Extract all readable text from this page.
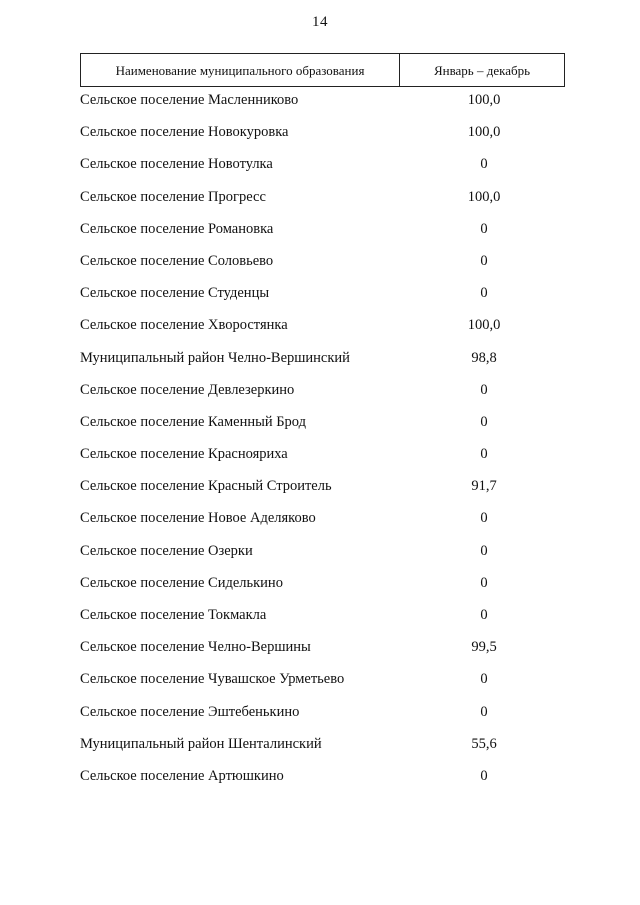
14
Наименование муниципального образования	Январь – декабрь
Сельское поселение Масленниково	100,0
Сельское поселение Новокуровка	100,0
Сельское поселение Новотулка	0
Сельское поселение Прогресс	100,0
Сельское поселение Романовка	0
Сельское поселение Соловьево	0
Сельское поселение Студенцы	0
Сельское поселение Хворостянка	100,0
Муниципальный район Челно-Вершинский	98,8
Сельское поселение Девлезеркино	0
Сельское поселение Каменный Брод	0
Сельское поселение Краснояриха	0
Сельское поселение Красный Строитель	91,7
Сельское поселение Новое Аделяково	0
Сельское поселение Озерки	0
Сельское поселение Сиделькино	0
Сельское поселение Токмакла	0
Сельское поселение Челно-Вершины	99,5
Сельское поселение Чувашское Урметьево	0
Сельское поселение Эштебенькино	0
Муниципальный район Шенталинский	55,6
Сельское поселение Артюшкино	0
